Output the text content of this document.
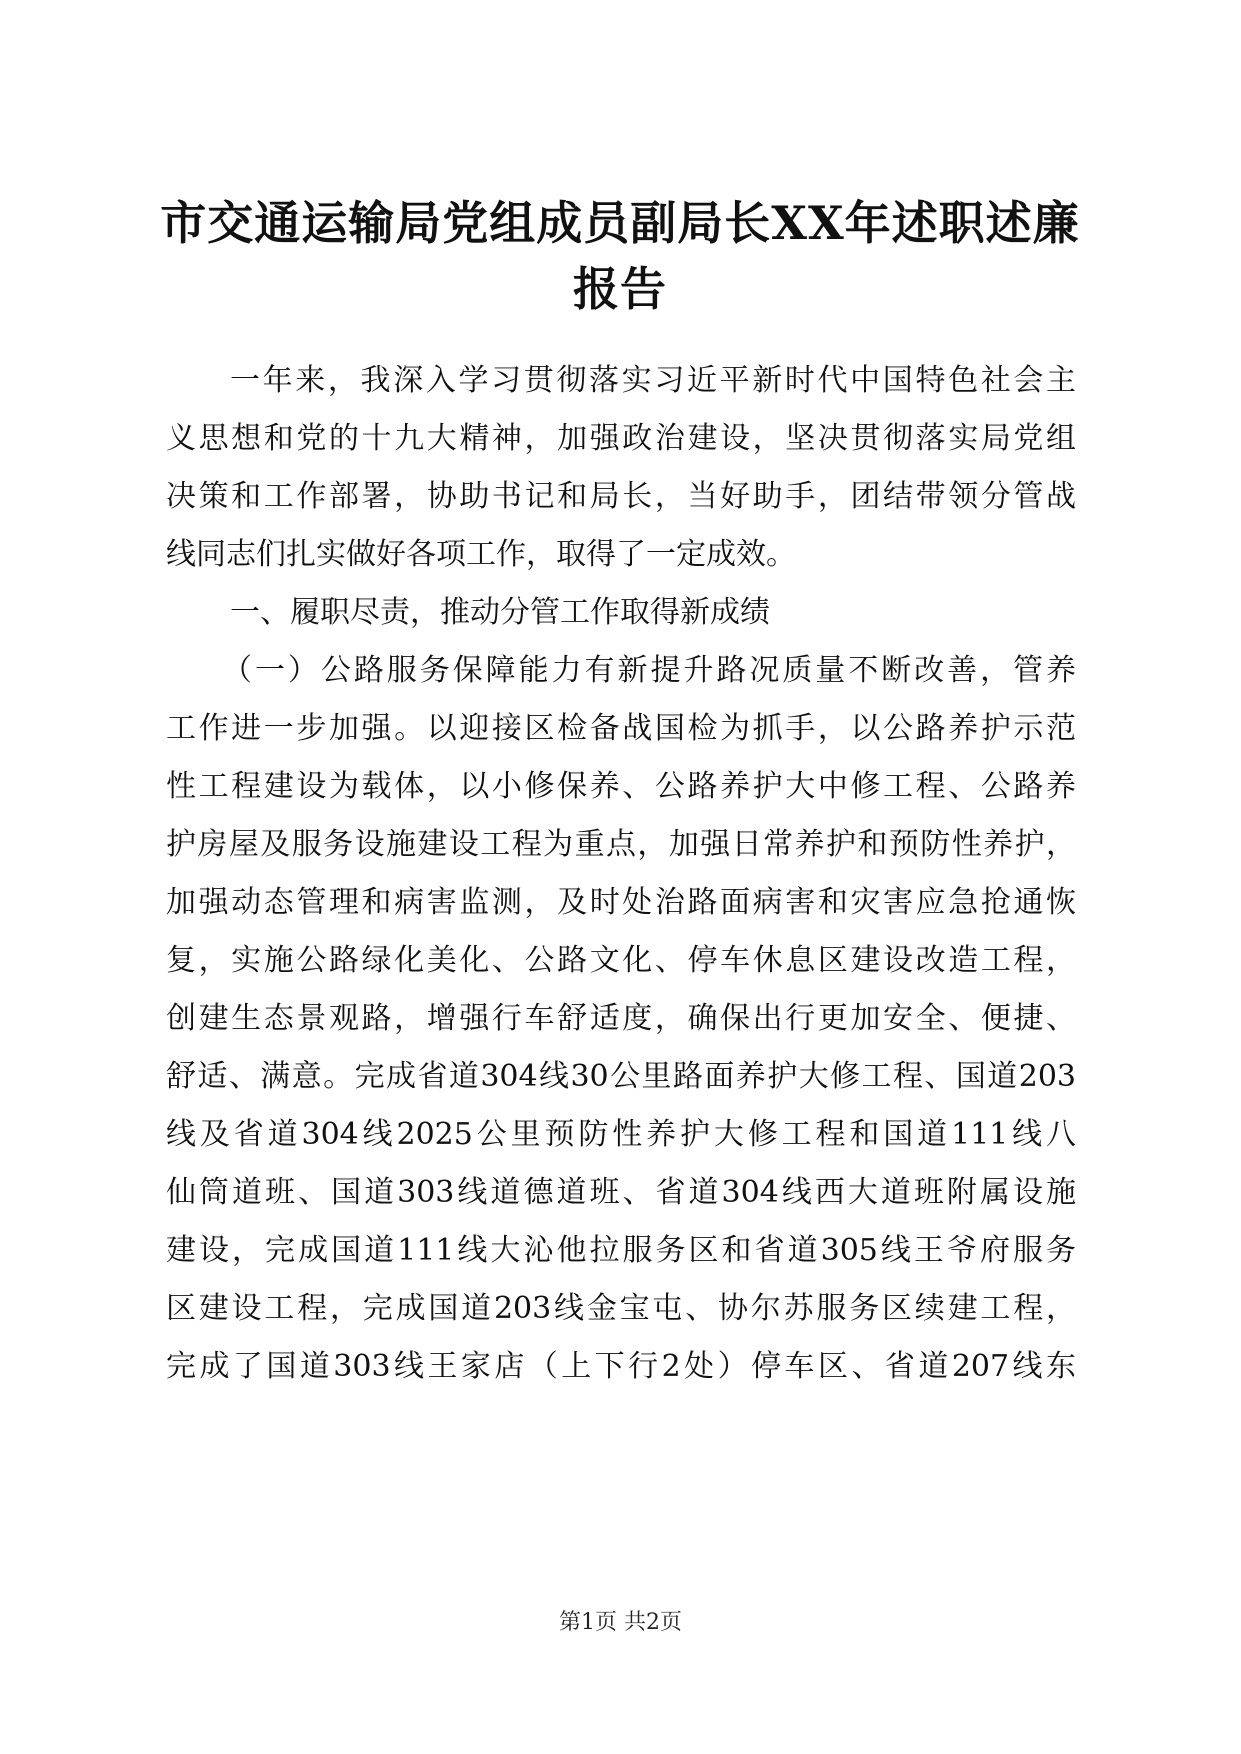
市交通运输局党组成员副局长XX年述职述廉
报告
一年来，我深入学习贯彻落实习近平新时代中国特色社会主
义思想和党的十九大精神，加强政治建设，坚决贯彻落实局党组
决策和工作部署，协助书记和局长，当好助手，团结带领分管战
线同志们扎实做好各项工作，取得了一定成效。
一、履职尽责，推动分管工作取得新成绩
（一）公路服务保障能力有新提升路况质量不断改善，管养
工作进一步加强。以迎接区检备战国检为抓手，以公路养护示范
性工程建设为载体，以小修保养、公路养护大中修工程、公路养
护房屋及服务设施建设工程为重点，加强日常养护和预防性养护，
加强动态管理和病害监测，及时处治路面病害和灾害应急抢通恢
复，实施公路绿化美化、公路文化、停车休息区建设改造工程，
创建生态景观路，增强行车舒适度，确保出行更加安全、便捷、
舒适、满意。完成省道304线30公里路面养护大修工程、国道203
线及省道304线2025公里预防性养护大修工程和国道111线八
仙筒道班、国道303线道德道班、省道304线西大道班附属设施
建设，完成国道111线大沁他拉服务区和省道305线王爷府服务
区建设工程，完成国道203线金宝屯、协尔苏服务区续建工程，
完成了国道303线王家店（上下行2处）停车区、省道207线东
第1页 共2页
